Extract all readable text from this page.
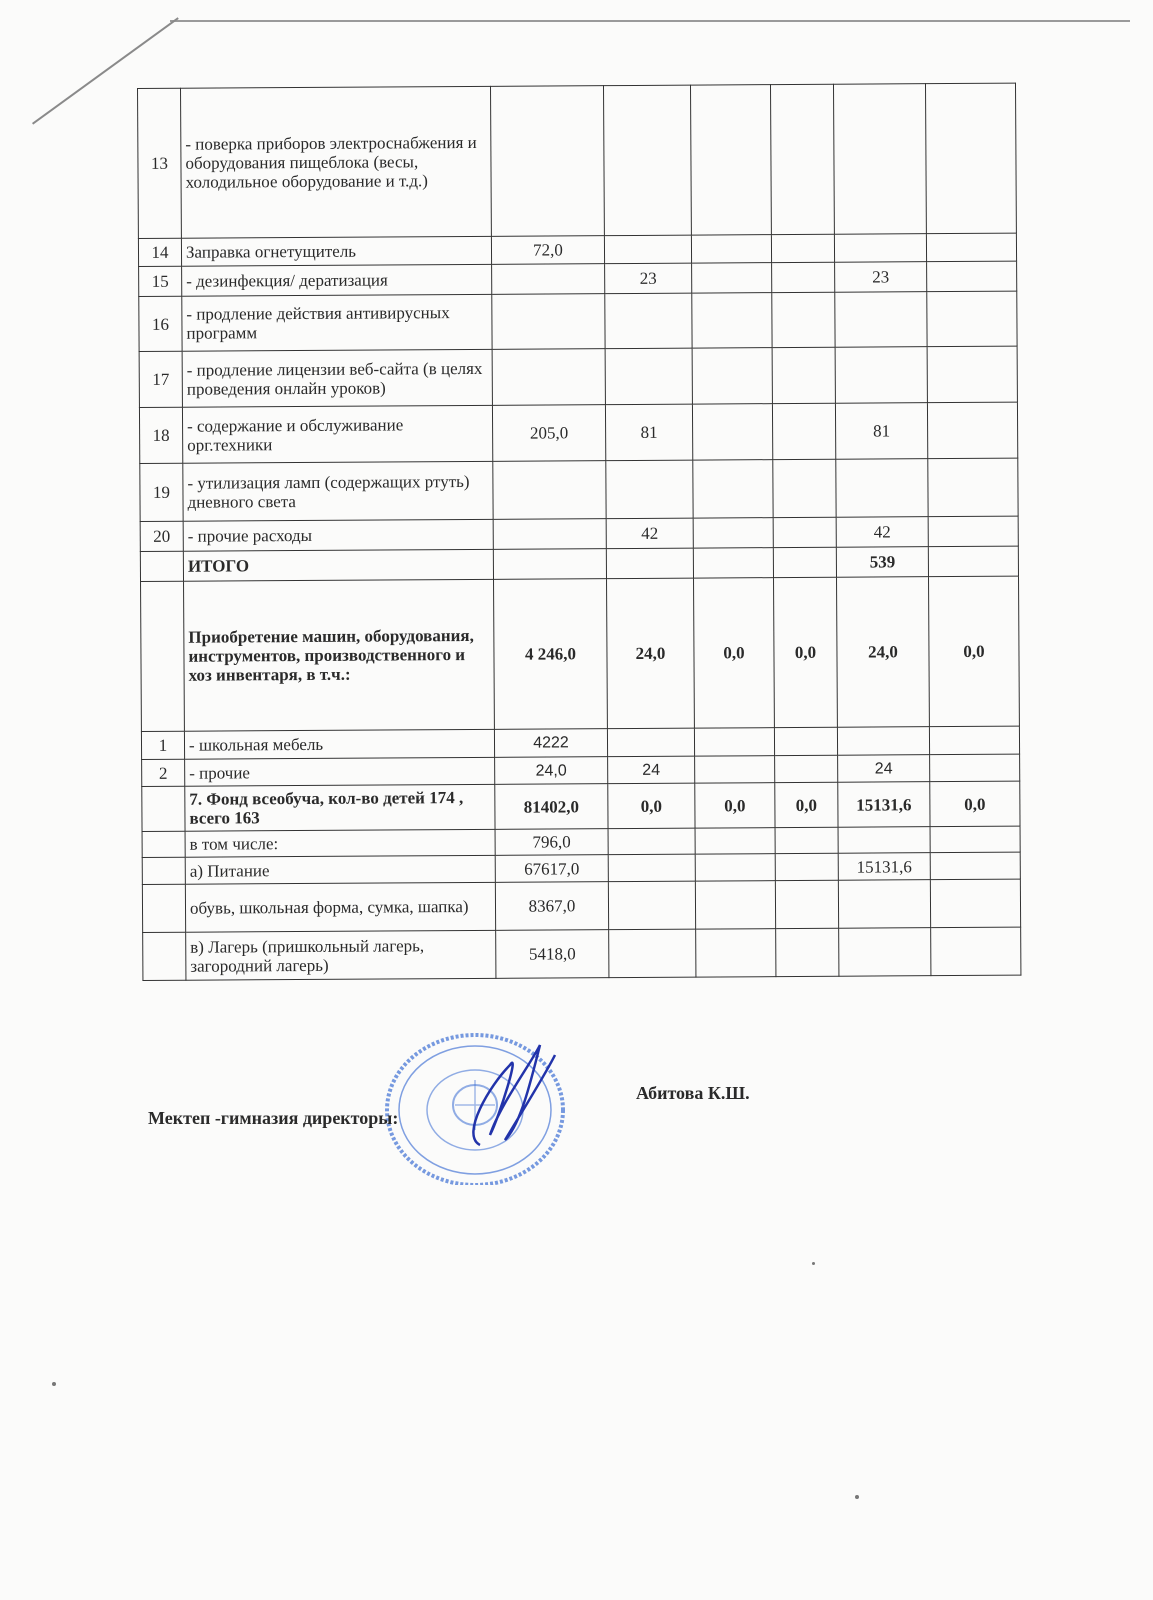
13	- поверка приборов электроснабжения и оборудования пищеблока (весы, холодильное оборудование и т.д.)						
14	Заправка огнетущитель	72,0					
15	- дезинфекция/ дератизация		23			23	
16	- продление действия антивирусных программ						
17	- продление лицензии веб-сайта (в целях проведения онлайн уроков)						
18	- содержание и обслуживание орг.техники	205,0	81			81	
19	- утилизация ламп (содержащих ртуть) дневного света						
20	- прочие расходы		42			42	
	ИТОГО					539	
	Приобретение машин, оборудования, инструментов, производственного и хоз инвентаря, в т.ч.:	4 246,0	24,0	0,0	0,0	24,0	0,0
1	- школьная мебель	4222					
2	- прочие	24,0	24			24	
	7. Фонд всеобуча, кол-во детей 174 , всего 163	81402,0	0,0	0,0	0,0	15131,6	0,0
	в том числе:	796,0					
	а) Питание	67617,0				15131,6	
	обувь, школьная форма, сумка, шапка)	8367,0					
	в) Лагерь (пришкольный лагерь, загородний лагерь)	5418,0					
Абитова К.Ш.
Мектеп -гимназия директоры:
